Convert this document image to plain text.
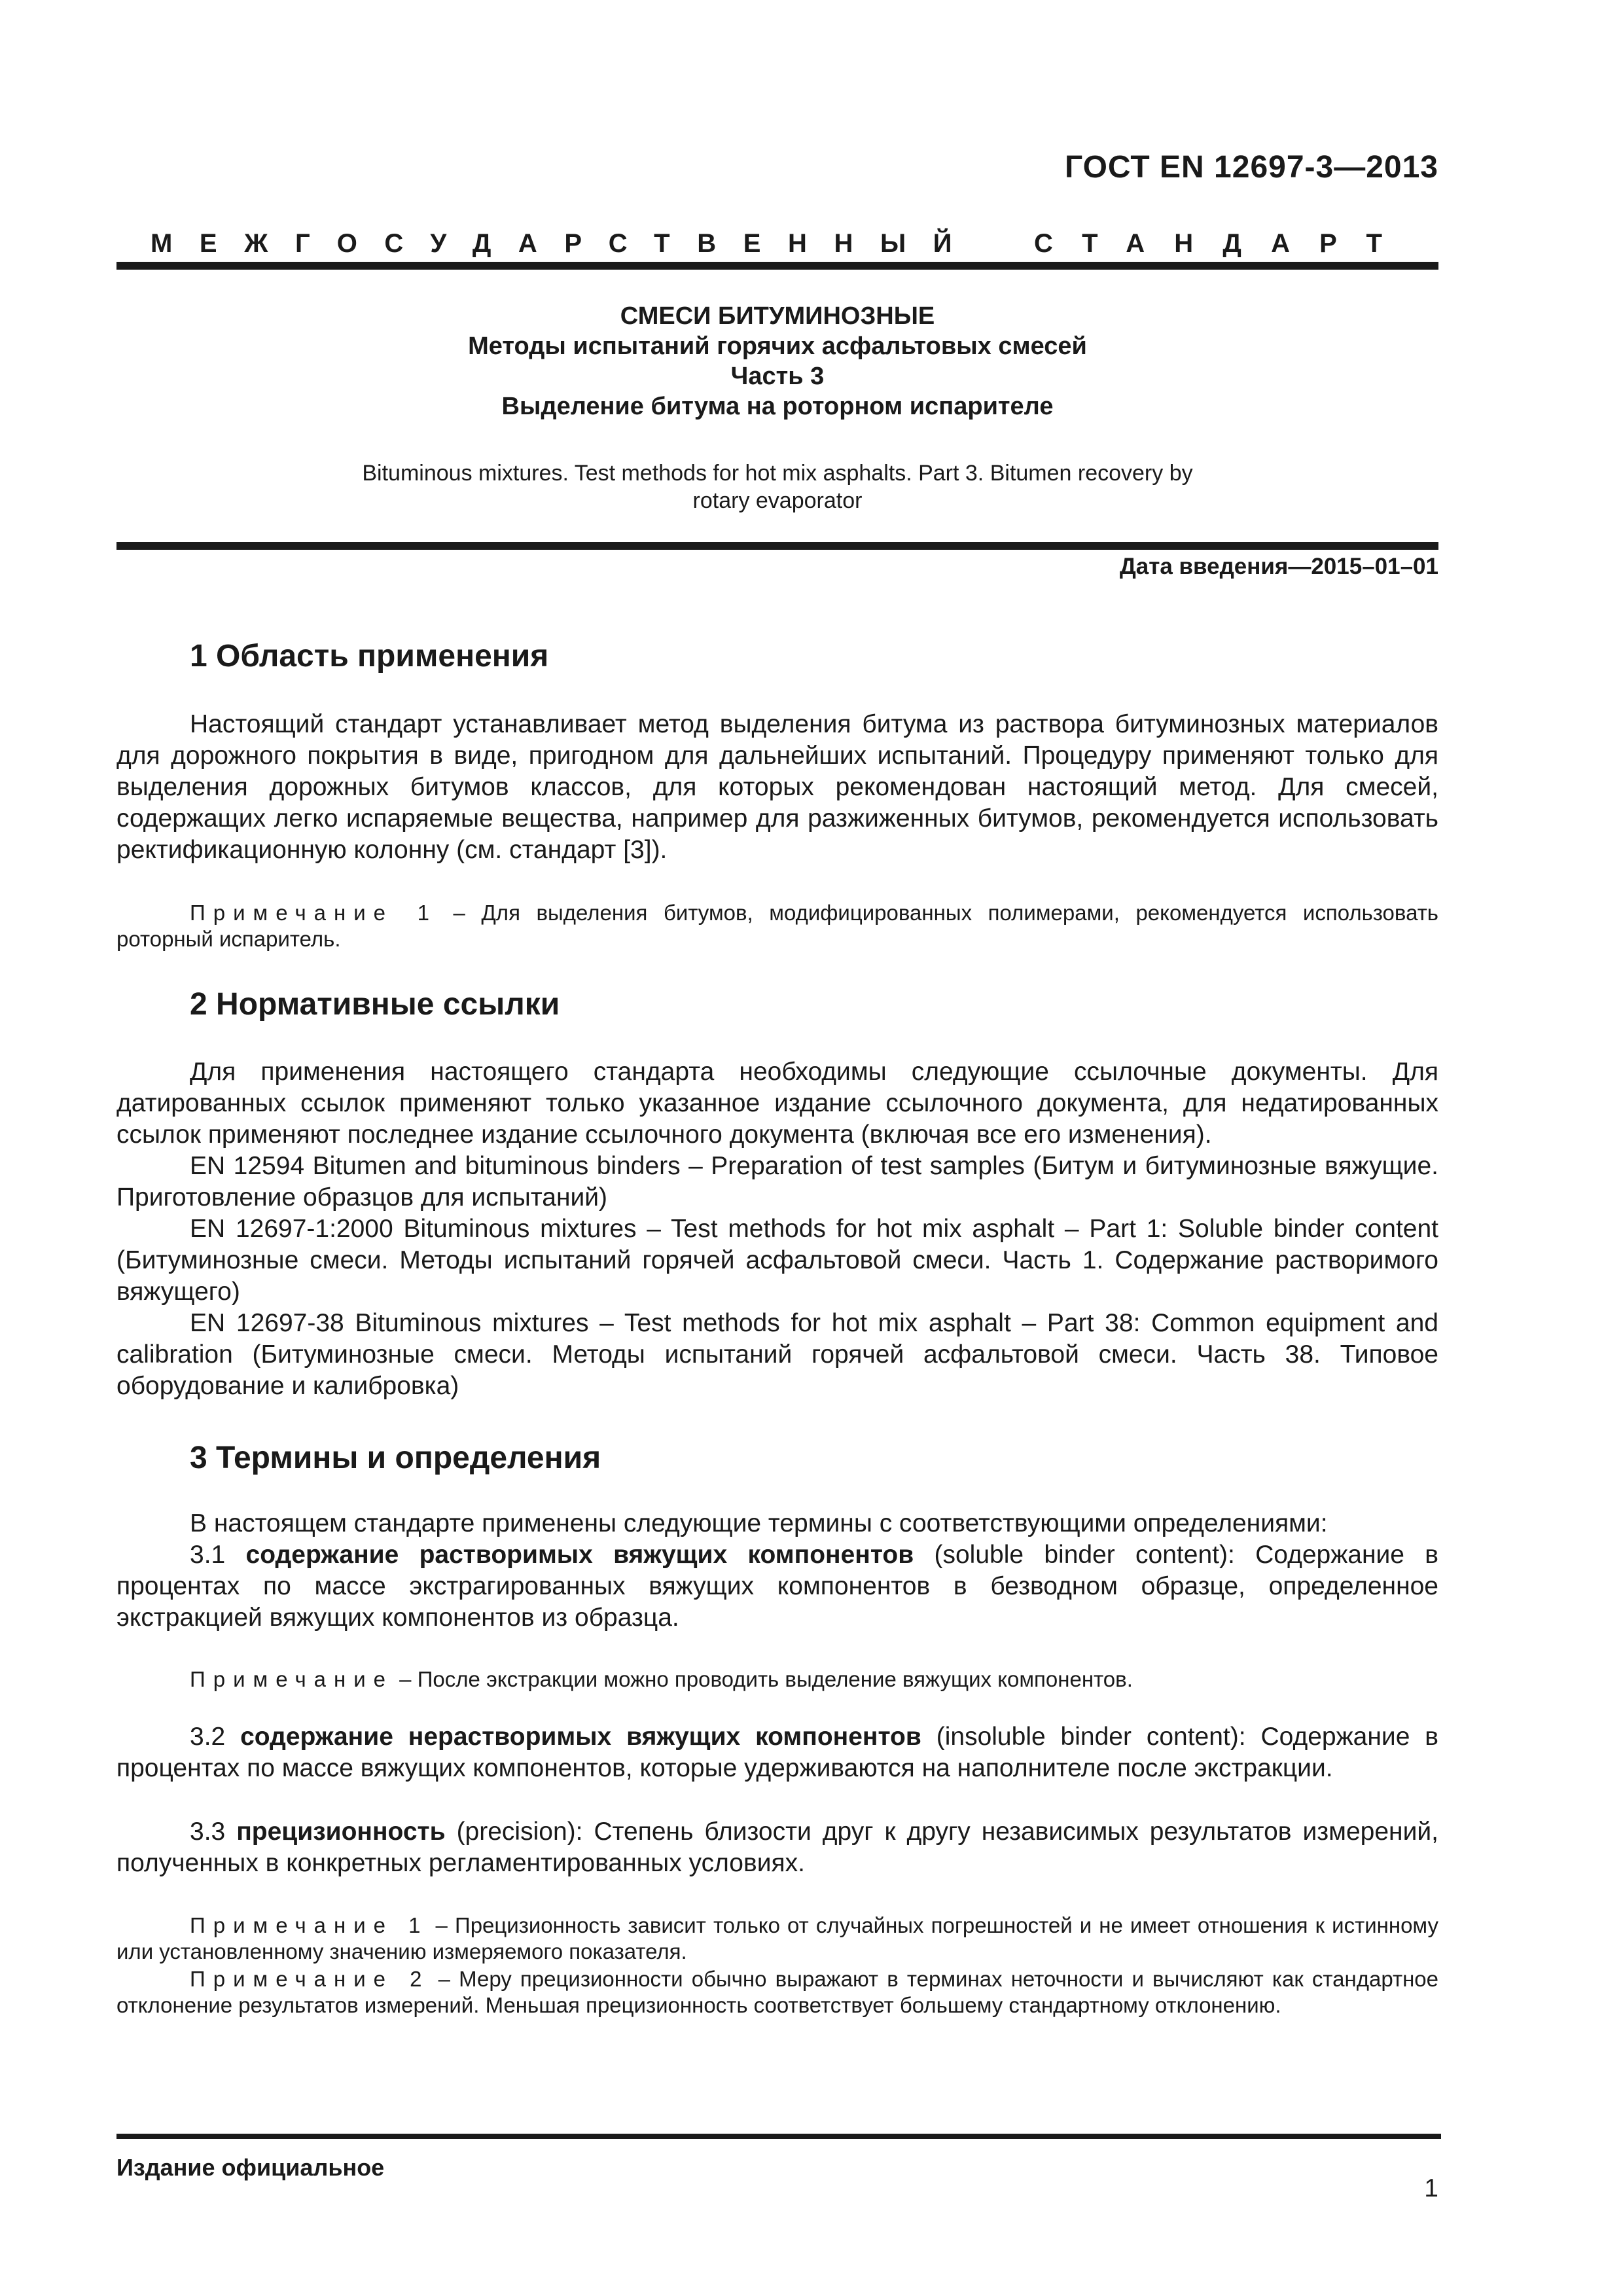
ГОСТ EN 12697-3—2013
МЕЖГОСУДАРСТВЕННЫЙ СТАНДАРТ
СМЕСИ БИТУМИНОЗНЫЕ
Методы испытаний горячих асфальтовых смесей
Часть 3
Выделение битума на роторном испарителе
Bituminous mixtures. Test methods for hot mix asphalts. Part 3. Bitumen recovery by
rotary evaporator
Дата введения—2015–01–01
1 Область применения
Настоящий стандарт устанавливает метод выделения битума из раствора битуминозных материалов для дорожного покрытия в виде, пригодном для дальнейших испытаний. Процедуру применяют только для выделения дорожных битумов классов, для которых рекомендован настоящий метод. Для смесей, содержащих легко испаряемые вещества, например для разжиженных битумов, рекомендуется использовать ректификационную колонну (см. стандарт [3]).
Примечание 1 – Для выделения битумов, модифицированных полимерами, рекомендуется использовать роторный испаритель.
2 Нормативные ссылки
Для применения настоящего стандарта необходимы следующие ссылочные документы. Для датированных ссылок применяют только указанное издание ссылочного документа, для недатированных ссылок применяют последнее издание ссылочного документа (включая все его изменения).
EN 12594 Bitumen and bituminous binders – Preparation of test samples (Битум и битуминозные вяжущие. Приготовление образцов для испытаний)
EN 12697-1:2000 Bituminous mixtures – Test methods for hot mix asphalt – Part 1: Soluble binder content (Битуминозные смеси. Методы испытаний горячей асфальтовой смеси. Часть 1. Содержание растворимого вяжущего)
EN 12697-38 Bituminous mixtures – Test methods for hot mix asphalt – Part 38: Common equipment and calibration (Битуминозные смеси. Методы испытаний горячей асфальтовой смеси. Часть 38. Типовое оборудование и калибровка)
3 Термины и определения
В настоящем стандарте применены следующие термины с соответствующими определениями:
3.1 содержание растворимых вяжущих компонентов (soluble binder content): Содержание в процентах по массе экстрагированных вяжущих компонентов в безводном образце, определенное экстракцией вяжущих компонентов из образца.
Примечание – После экстракции можно проводить выделение вяжущих компонентов.
3.2 содержание нерастворимых вяжущих компонентов (insoluble binder content): Содержание в процентах по массе вяжущих компонентов, которые удерживаются на наполнителе после экстракции.
3.3 прецизионность (precision): Степень близости друг к другу независимых результатов измерений, полученных в конкретных регламентированных условиях.
Примечание 1 – Прецизионность зависит только от случайных погрешностей и не имеет отношения к истинному или установленному значению измеряемого показателя.
Примечание 2 – Меру прецизионности обычно выражают в терминах неточности и вычисляют как стандартное отклонение результатов измерений. Меньшая прецизионность соответствует большему стандартному отклонению.
Издание официальное
1
